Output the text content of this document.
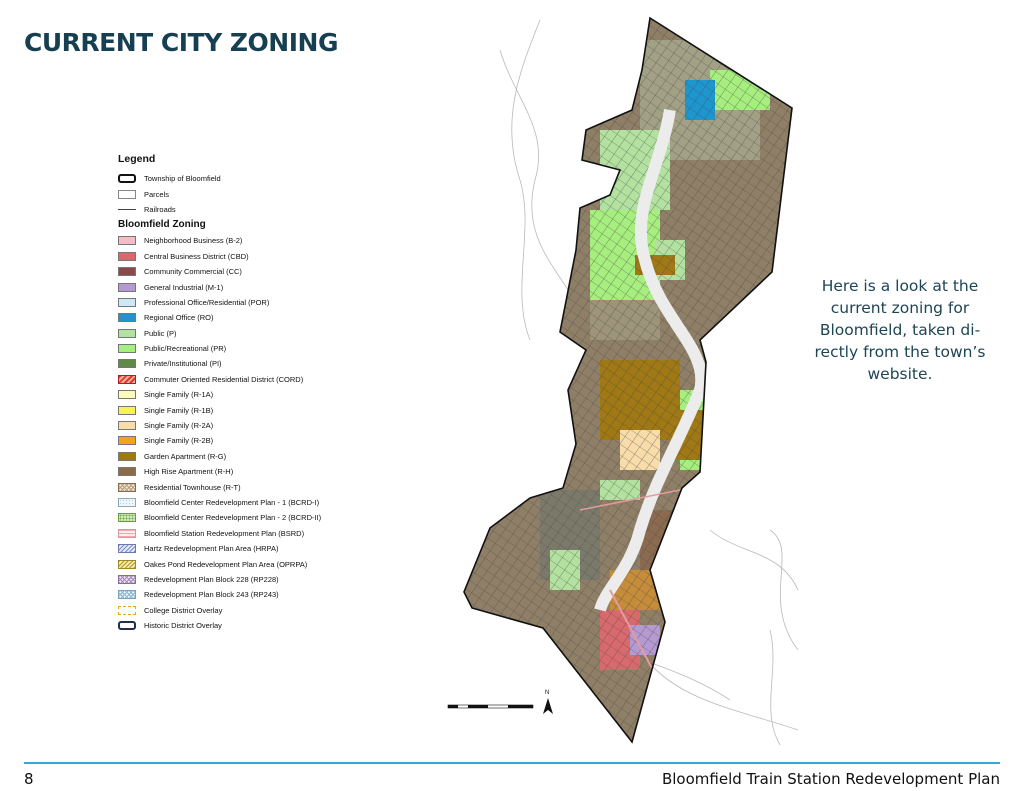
CURRENT CITY ZONING
Legend
Township of Bloomfield
Parcels
Railroads
Bloomfield Zoning
Neighborhood Business (B-2)
Central Business District (CBD)
Community Commercial (CC)
General Industrial (M-1)
Professional Office/Residential (POR)
Regional Office (RO)
Public (P)
Public/Recreational (PR)
Private/Institutional (PI)
Commuter Oriented Residential District (CORD)
Single Family (R-1A)
Single Family (R-1B)
Single Family (R-2A)
Single Family (R-2B)
Garden Apartment (R-G)
High Rise Apartment (R-H)
Residential Townhouse (R-T)
Bloomfield Center Redevelopment Plan - 1 (BCRD-I)
Bloomfield Center Redevelopment Plan - 2 (BCRD-II)
Bloomfield Station Redevelopment Plan (BSRD)
Hartz Redevelopment Plan Area (HRPA)
Oakes Pond Redevelopment Plan Area (OPRPA)
Redevelopment Plan Block 228 (RP228)
Redevelopment Plan Block 243 (RP243)
College District Overlay
Historic District Overlay
N
Here is a look at the
current zoning for
Bloomfield, taken di-
rectly from the town’s
website.
8	Bloomfield Train Station Redevelopment Plan
